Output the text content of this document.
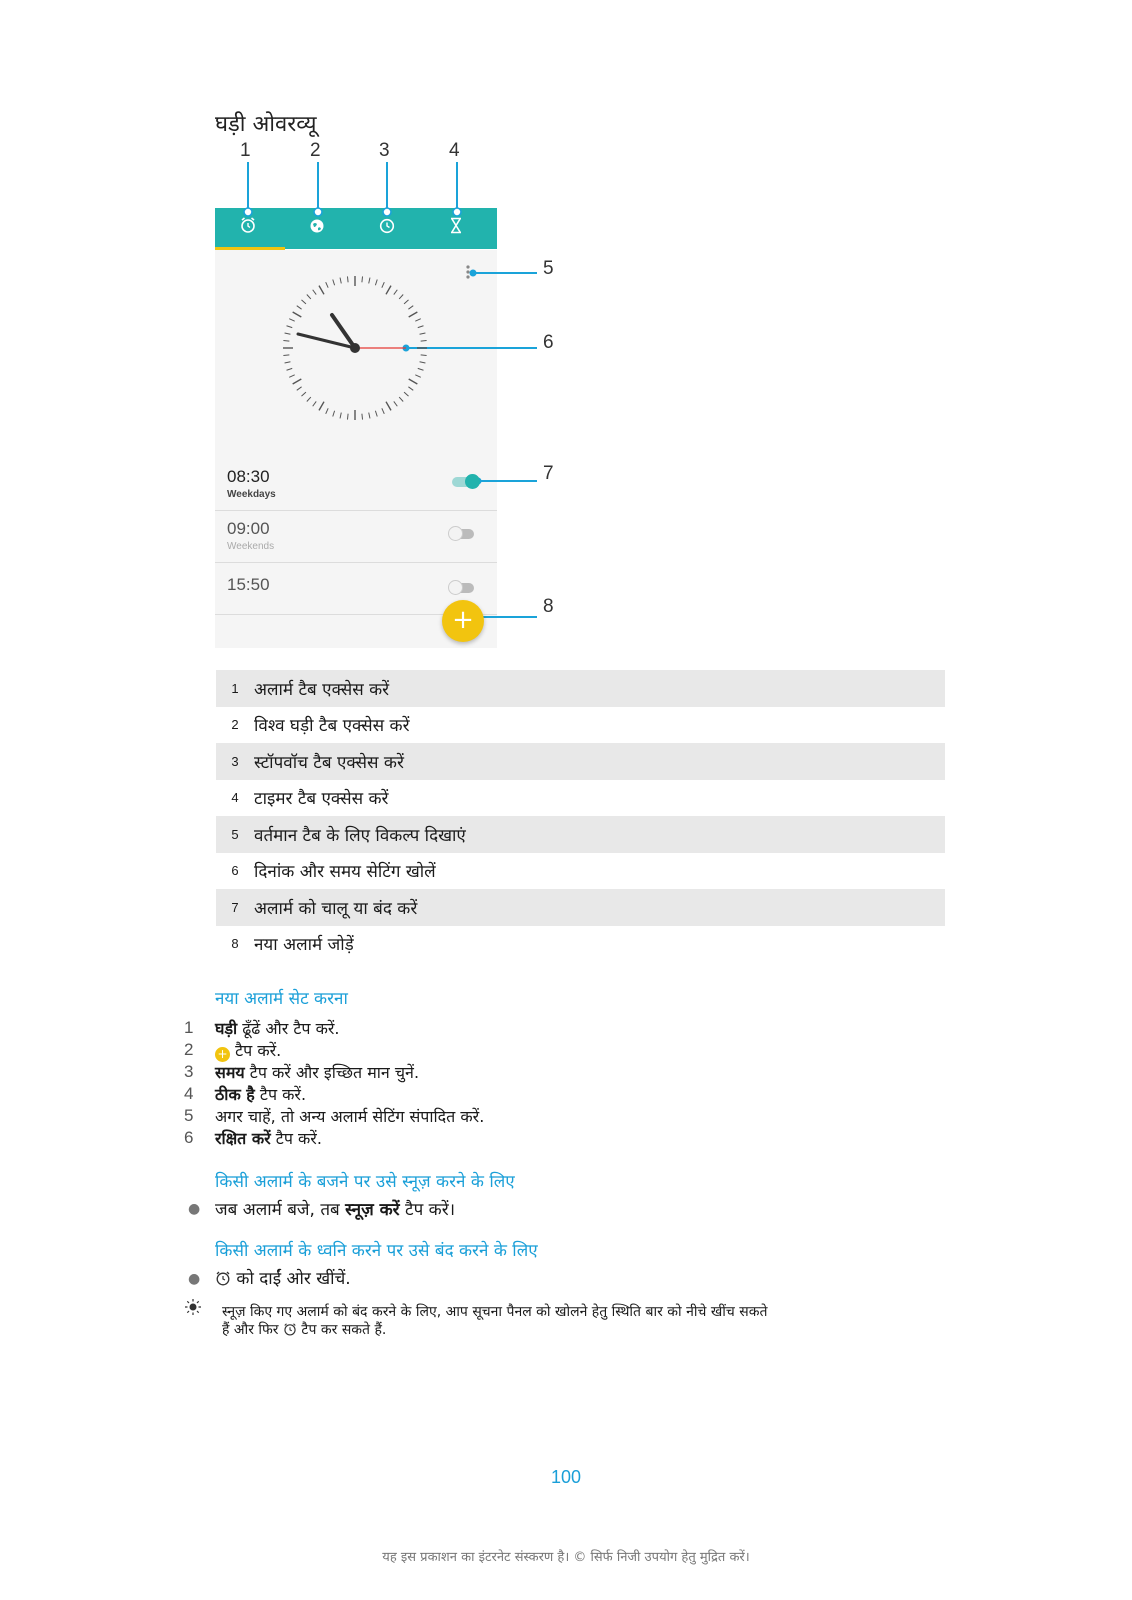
घड़ी ओवरव्यू
1	2	3	4
5
6
7
8
08:30
Weekdays
09:00
Weekends
15:50
+
1 अलार्म टैब एक्सेस करें
2 विश्व घड़ी टैब एक्सेस करें
3 स्टॉपवॉच टैब एक्सेस करें
4 टाइमर टैब एक्सेस करें
5 वर्तमान टैब के लिए विकल्प दिखाएं
6 दिनांक और समय सेटिंग खोलें
7 अलार्म को चालू या बंद करें
8 नया अलार्म जोड़ें
नया अलार्म सेट करना
1 घड़ी ढूँढें और टैप करें.
2 + टैप करें.
3 समय टैप करें और इच्छित मान चुनें.
4 ठीक है टैप करें.
5 अगर चाहें, तो अन्य अलार्म सेटिंग संपादित करें.
6 रक्षित करें टैप करें.
किसी अलार्म के बजने पर उसे स्नूज़ करने के लिए
● जब अलार्म बजे, तब स्नूज़ करें टैप करें।
किसी अलार्म के ध्वनि करने पर उसे बंद करने के लिए
●	को दाईं ओर खींचें.
स्नूज़ किए गए अलार्म को बंद करने के लिए, आप सूचना पैनल को खोलने हेतु स्थिति बार को नीचे खींच सकते
हैं और फिर  टैप कर सकते हैं.
100
यह इस प्रकाशन का इंटरनेट संस्करण है। © सिर्फ निजी उपयोग हेतु मुद्रित करें।
